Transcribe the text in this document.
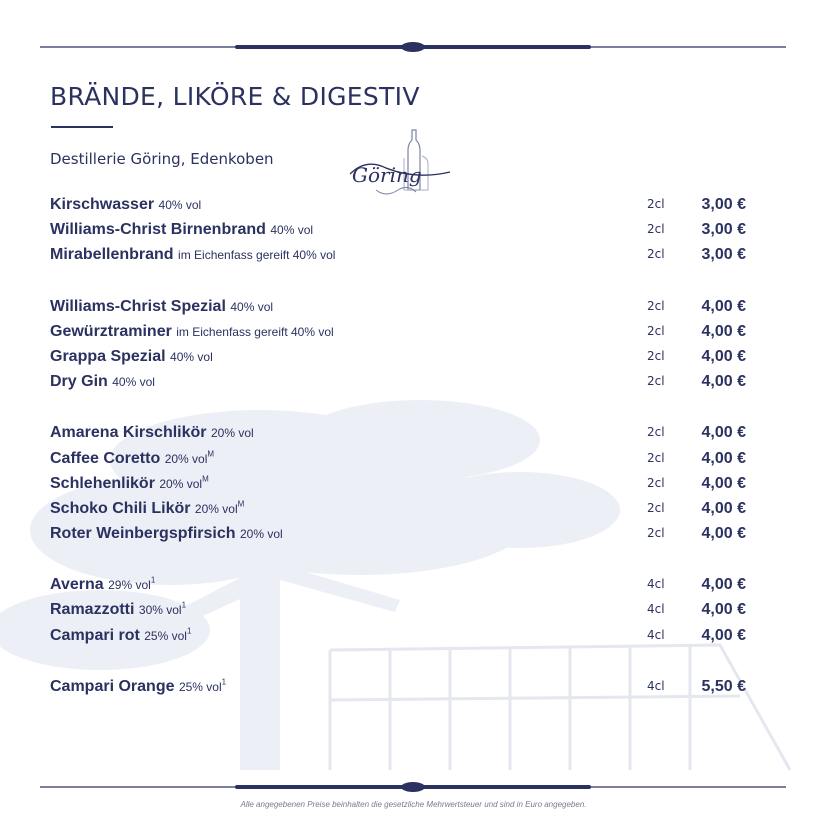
BRÄNDE, LIKÖRE & DIGESTIV
Destillerie Göring, Edenkoben
Göring
Kirschwasser 40% vol	2cl	3,00 €
Williams-Christ Birnenbrand 40% vol	2cl	3,00 €
Mirabellenbrand im Eichenfass gereift 40% vol	2cl	3,00 €
Williams-Christ Spezial 40% vol	2cl	4,00 €
Gewürztraminer im Eichenfass gereift 40% vol	2cl	4,00 €
Grappa Spezial 40% vol	2cl	4,00 €
Dry Gin 40% vol	2cl	4,00 €
Amarena Kirschlikör 20% vol	2cl	4,00 €
Caffee Coretto 20% vol$^M$	2cl	4,00 €
Schlehenlikör 20% vol$^M$	2cl	4,00 €
Schoko Chili Likör 20% vol$^M$	2cl	4,00 €
Roter Weinbergspfirsich 20% vol	2cl	4,00 €
Averna 29% vol$^1$	4cl	4,00 €
Ramazzotti 30% vol$^1$	4cl	4,00 €
Campari rot 25% vol$^1$	4cl	4,00 €
Campari Orange 25% vol$^1$	4cl	5,50 €
Alle angegebenen Preise beinhalten die gesetzliche Mehrwertsteuer und sind in Euro angegeben.
